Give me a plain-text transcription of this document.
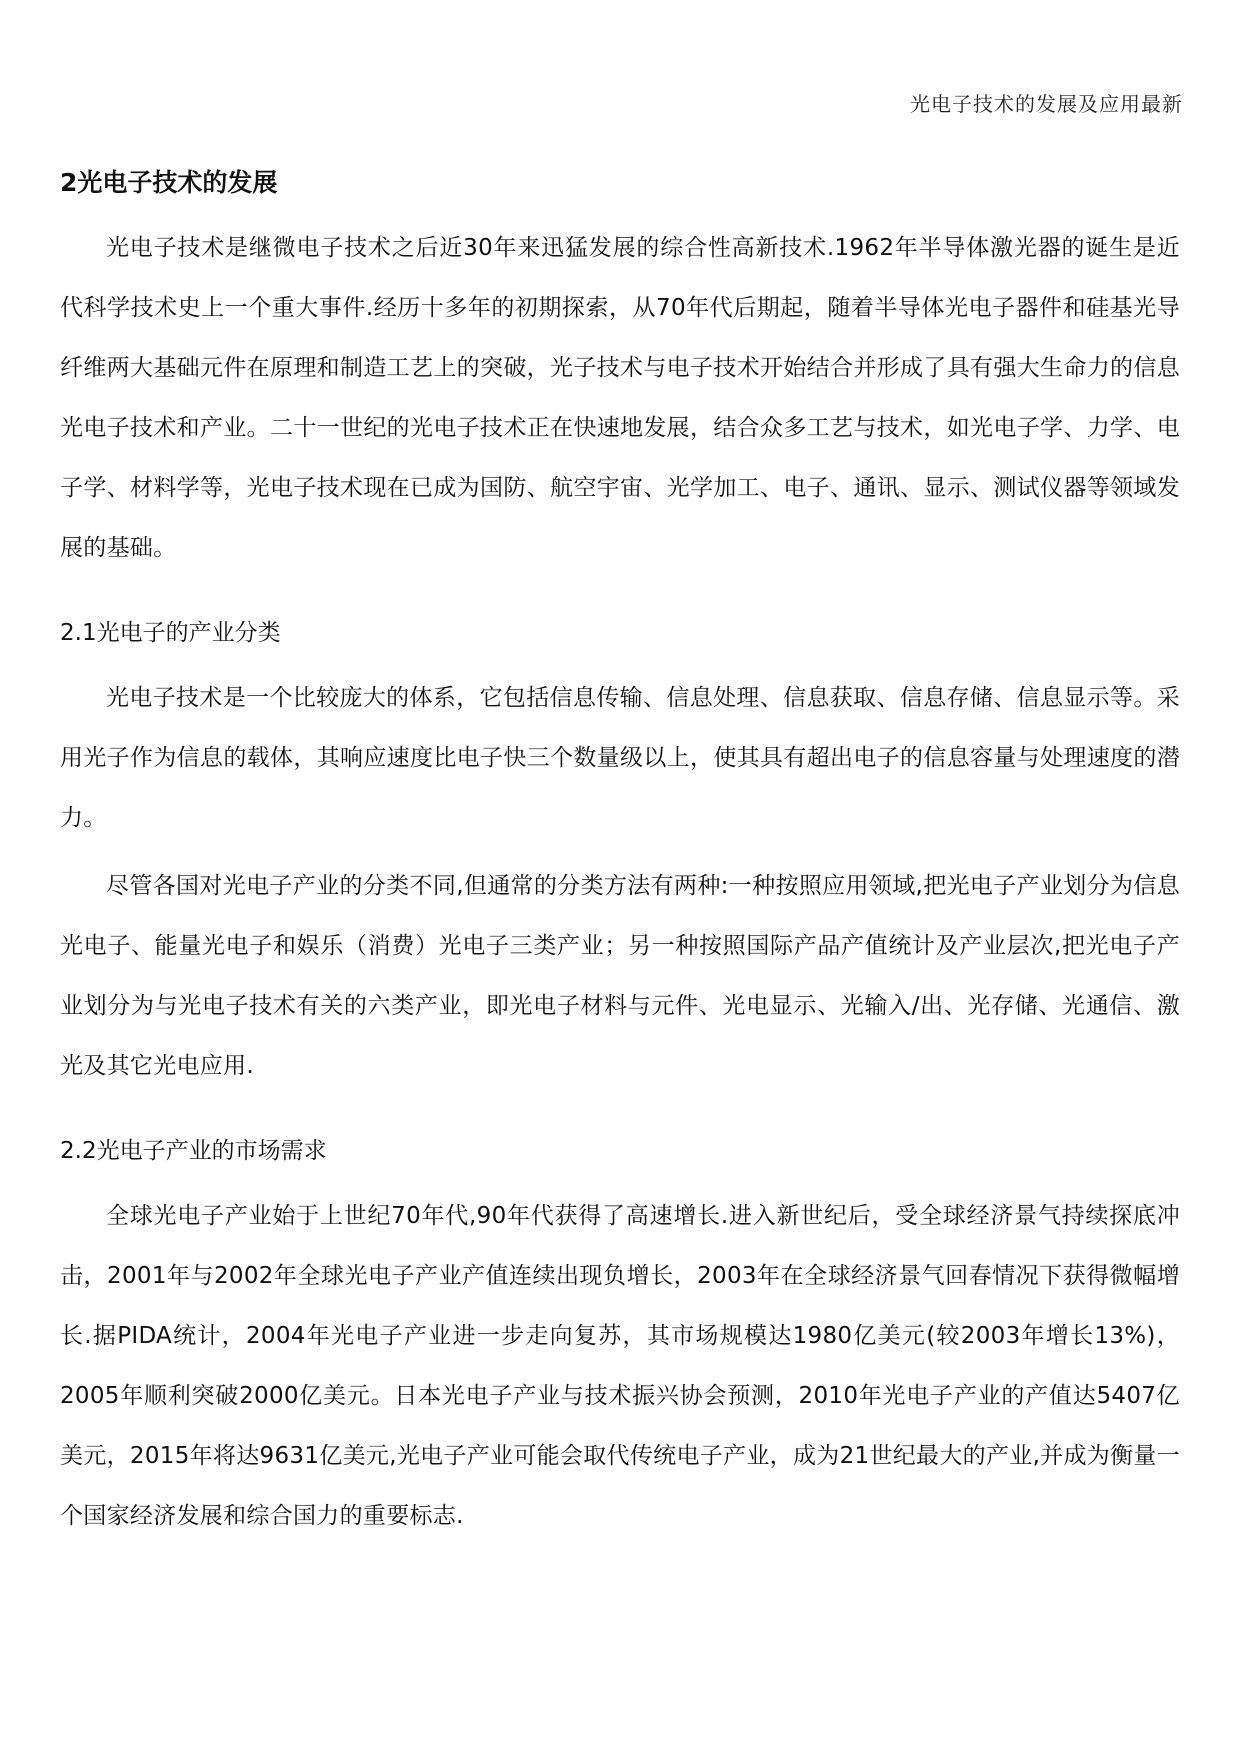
光电子技术的发展及应用最新
2光电子技术的发展

光电子技术是继微电子技术之后近30年来迅猛发展的综合性高新技术.1962年半导体激光器的诞生是近代科学技术史上一个重大事件.经历十多年的初期探索，从70年代后期起，随着半导体光电子器件和硅基光导纤维两大基础元件在原理和制造工艺上的突破，光子技术与电子技术开始结合并形成了具有强大生命力的信息光电子技术和产业。二十一世纪的光电子技术正在快速地发展，结合众多工艺与技术，如光电子学、力学、电子学、材料学等，光电子技术现在已成为国防、航空宇宙、光学加工、电子、通讯、显示、测试仪器等领域发展的基础。

2.1光电子的产业分类

光电子技术是一个比较庞大的体系，它包括信息传输、信息处理、信息获取、信息存储、信息显示等。采用光子作为信息的载体，其响应速度比电子快三个数量级以上，使其具有超出电子的信息容量与处理速度的潜力。

尽管各国对光电子产业的分类不同,但通常的分类方法有两种:一种按照应用领域,把光电子产业划分为信息光电子、能量光电子和娱乐（消费）光电子三类产业；另一种按照国际产品产值统计及产业层次,把光电子产业划分为与光电子技术有关的六类产业，即光电子材料与元件、光电显示、光输入/出、光存储、光通信、激光及其它光电应用.

2.2光电子产业的市场需求

全球光电子产业始于上世纪70年代,90年代获得了高速增长.进入新世纪后，受全球经济景气持续探底冲击，2001年与2002年全球光电子产业产值连续出现负增长，2003年在全球经济景气回春情况下获得微幅增长.据PIDA统计，2004年光电子产业进一步走向复苏，其市场规模达1980亿美元(较2003年增长13%)，2005年顺利突破2000亿美元。日本光电子产业与技术振兴协会预测，2010年光电子产业的产值达5407亿美元，2015年将达9631亿美元,光电子产业可能会取代传统电子产业，成为21世纪最大的产业,并成为衡量一个国家经济发展和综合国力的重要标志.
